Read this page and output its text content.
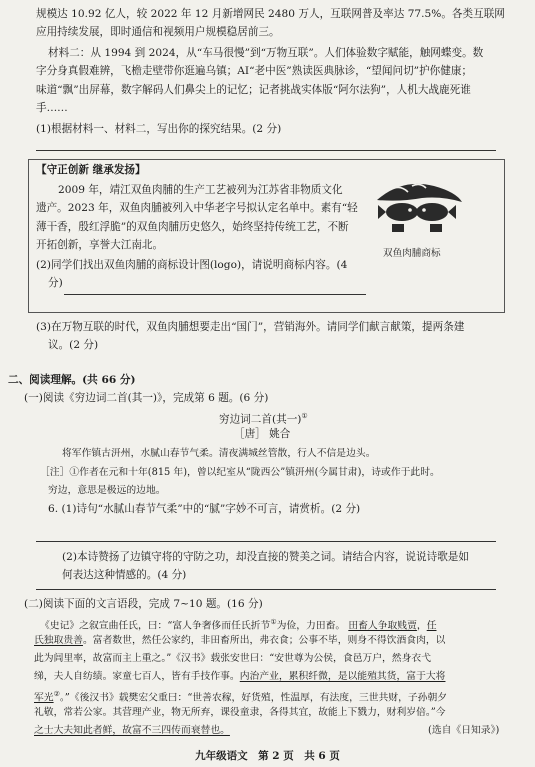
规模达 10.92 亿人，较 2022 年 12 月新增网民 2480 万人，互联网普及率达 77.5%。各类互联网
应用持续发展，即时通信和视频用户规模稳居前三。
材料二：从 1994 到 2024，从“车马很慢”到“万物互联”。人们体验数字赋能，触网蝶变。数
字分身真假难辨，飞檐走壁带你逛遍乌镇；AI“老中医”熟读医典脉诊，“望闻问切”护你健康；
味道“飘”出屏幕，数字解码人们鼻尖上的记忆；记者挑战实体版“阿尔法狗”，人机大战鹿死谁
手……
(1)根据材料一、材料二，写出你的探究结果。(2 分)
【守正创新 继承发扬】
2009 年，靖江双鱼肉脯的生产工艺被列为江苏省非物质文化
遗产。2023 年，双鱼肉脯被列入中华老字号拟认定名单中。素有“轻
薄干香，殷红浮脆”的双鱼肉脯历史悠久，始终坚持传统工艺，不断
开拓创新，享誉大江南北。
(2)同学们找出双鱼肉脯的商标设计图(logo)，请说明商标内容。(4
分)
双鱼肉脯商标
(3)在万物互联的时代，双鱼肉脯想要走出“国门”，营销海外。请同学们献言献策，提两条建
议。(2 分)
二、阅读理解。(共 66 分)
(一)阅读《穷边词二首(其一)》，完成第 6 题。(6 分)
穷边词二首(其一)①
［唐］ 姚合
将军作镇古汧州，水腻山春节气柔。清夜满城丝管散，行人不信是边头。
［注］①作者在元和十年(815 年)，曾以纪室从“陇西公”镇汧州(今属甘肃)，诗或作于此时。
穷边，意思是极远的边地。
6. (1)诗句“水腻山春节气柔”中的“腻”字妙不可言，请赏析。(2 分)
(2)本诗赞扬了边镇守将的守防之功，却没直接的赞美之词。请结合内容，说说诗歌是如
何表达这种情感的。(4 分)
(二)阅读下面的文言语段，完成 7~10 题。(16 分)
《史记》之叙宣曲任氏，曰：“富人争奢侈而任氏折节①为俭，力田畜。 田畜人争取贱贾，任
氏独取贵善。富者数世，然任公家约，非田畜所出，弗衣食；公事不毕，则身不得饮酒食肉，以
此为闾里率，故富而主上重之。”《汉书》载张安世曰：“安世尊为公侯，食邑万户，然身衣弋
绨，夫人自纺绩。家童七百人，皆有手技作事。内治产业，累积纤微，是以能殖其货，富于大将
军光②。”《後汉书》载樊宏父重曰：“世善农稼，好货殖，性温厚，有法度，三世共财，子孙朝夕
礼敬，常若公家。其营理产业，物无所弃，课役童隶，各得其宜，故能上下戮力，财利岁倍。”今
之士大夫知此者鲜，故富不三四传而衰替也。	(选自《日知录》)
九年级语文　第 2 页　共 6 页
